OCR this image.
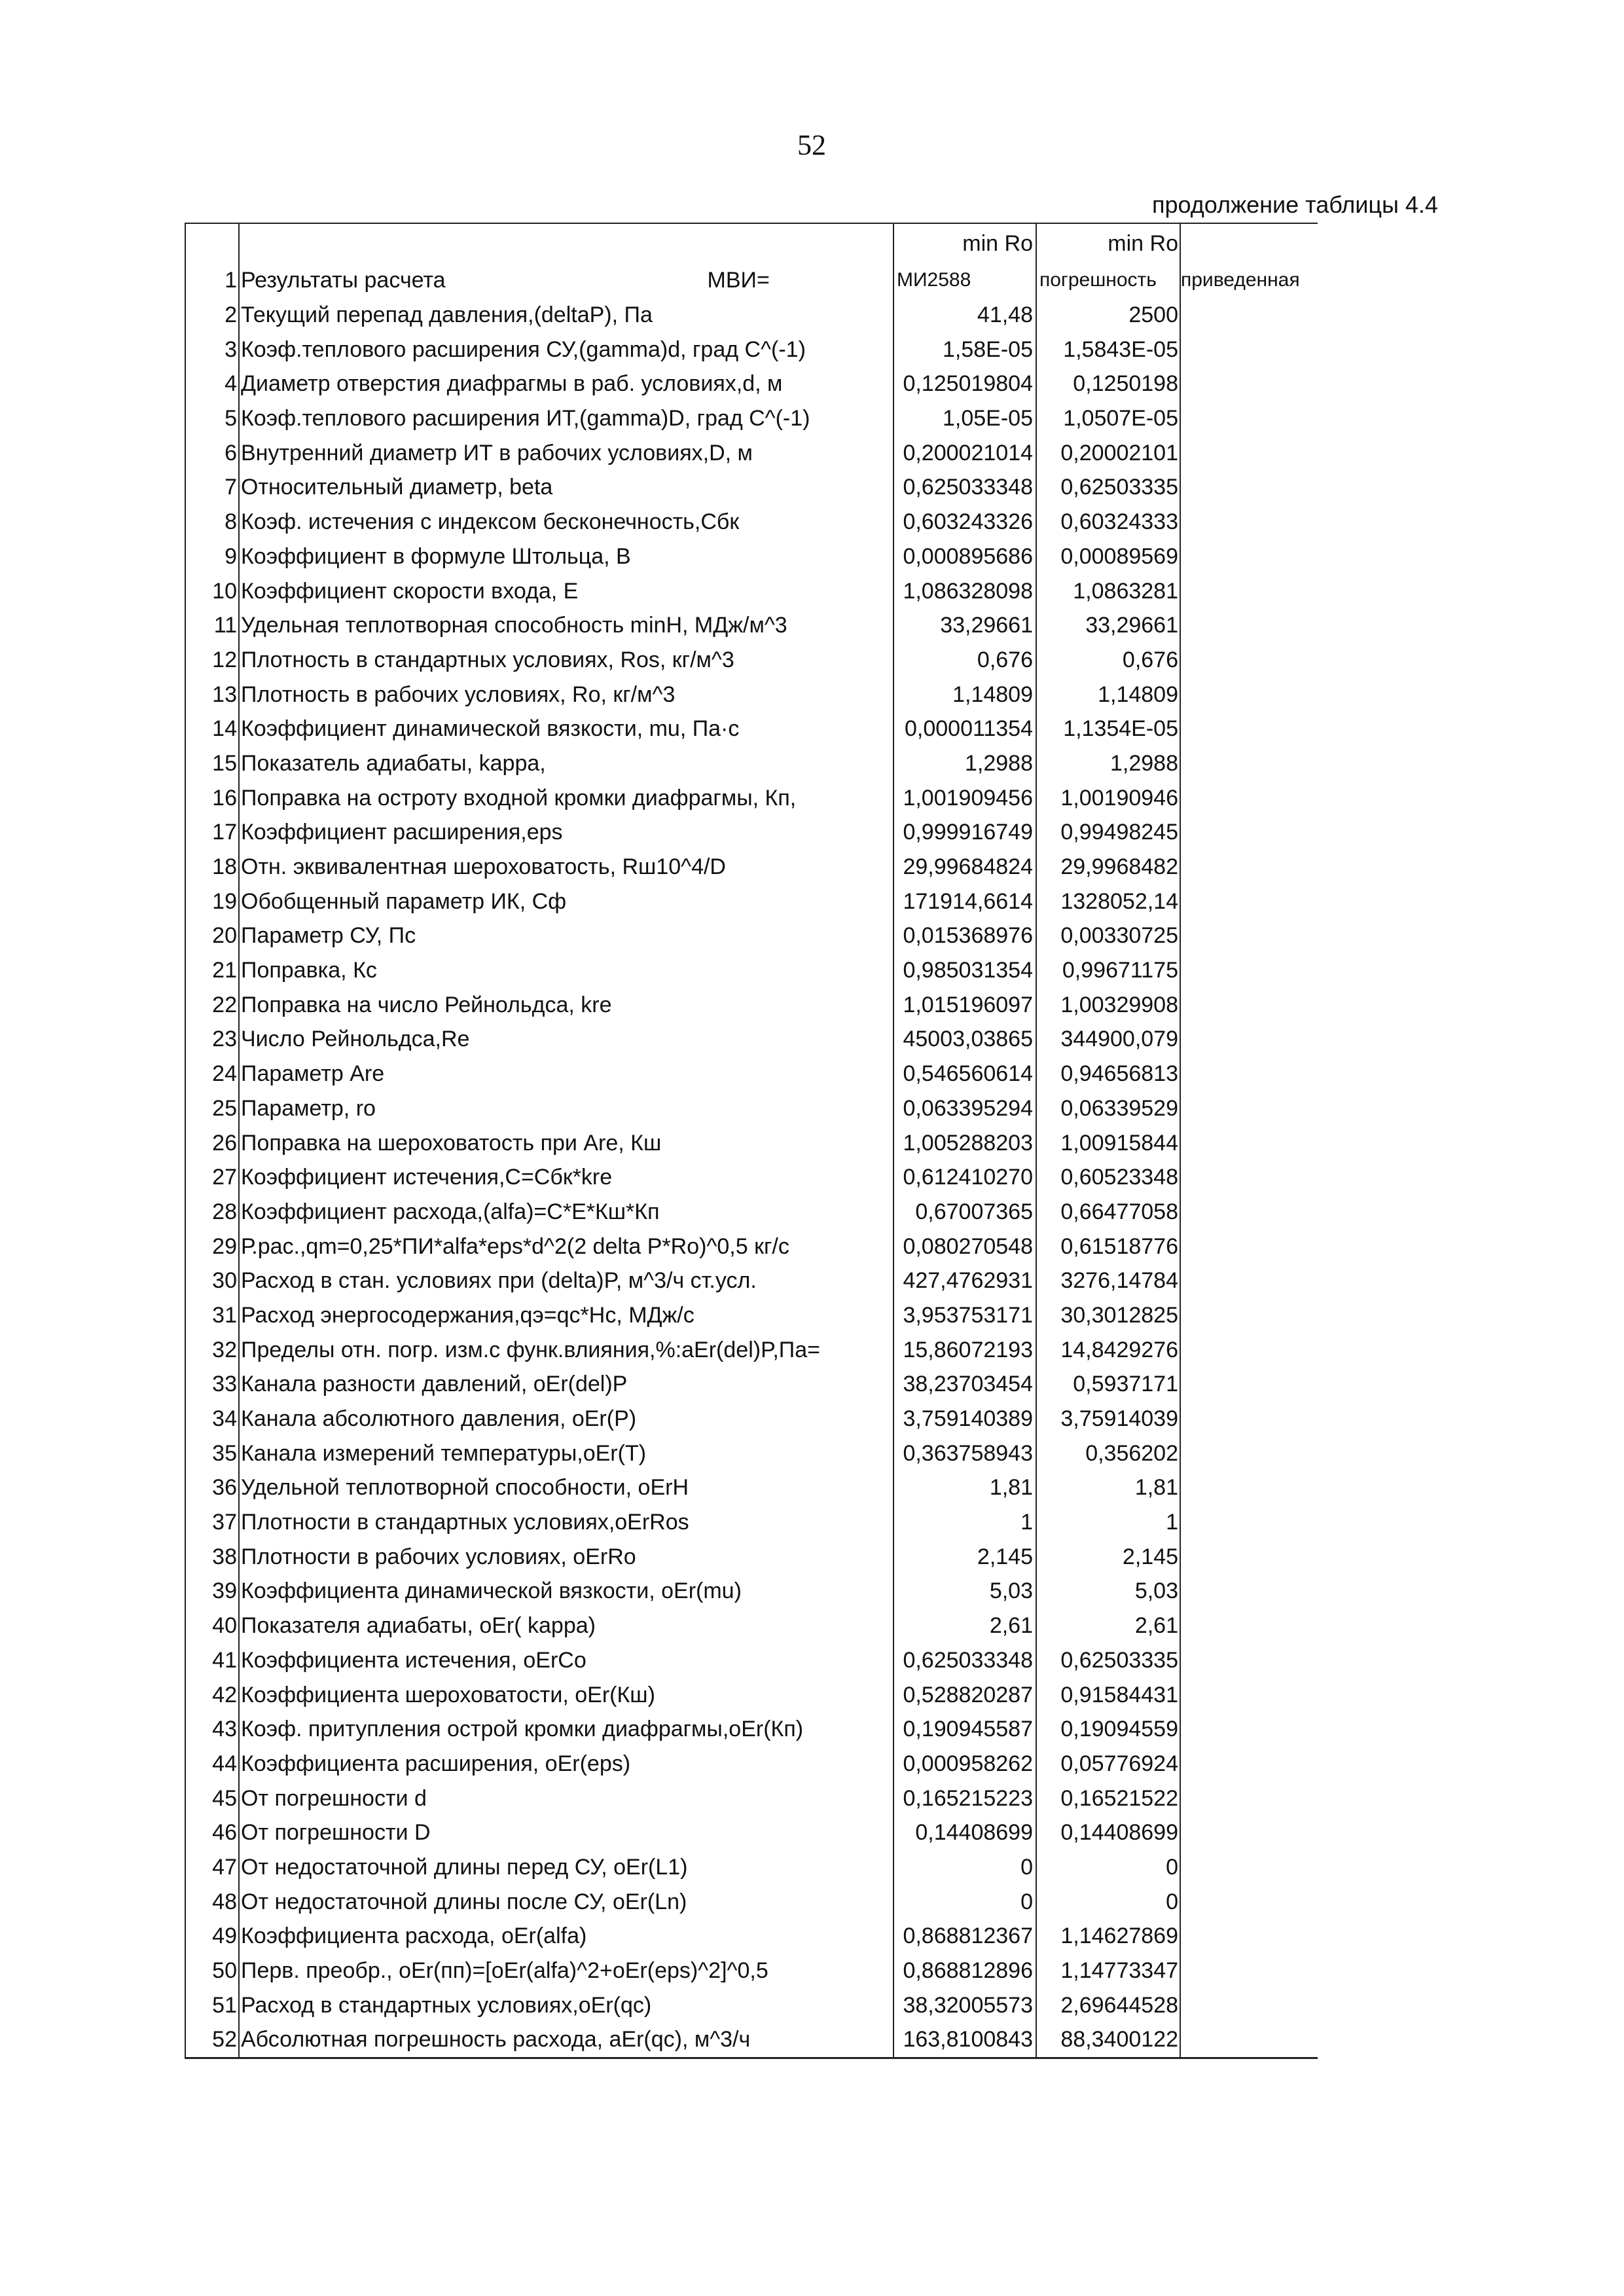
52
продолжение таблицы 4.4
		min Ro	min Ro	
1	Результаты расчета МВИ=	МИ2588	погрешность	приведенная
2	Текущий перепад давления,(deltaP), Па	41,48	2500	
3	Коэф.теплового расширения СУ,(gamma)d, град С^(-1)	1,58E-05	1,5843E-05	
4	Диаметр отверстия диафрагмы в раб. условиях,d, м	0,125019804	0,1250198	
5	Коэф.теплового расширения ИТ,(gamma)D, град С^(-1)	1,05E-05	1,0507E-05	
6	Внутренний диаметр ИТ в рабочих условиях,D, м	0,200021014	0,20002101	
7	Относительный диаметр, beta	0,625033348	0,62503335	
8	Коэф. истечения с индексом бесконечность,Сбк	0,603243326	0,60324333	
9	Коэффициент в формуле Штольца, В	0,000895686	0,00089569	
10	Коэффициент скорости входа, Е	1,086328098	1,0863281	
11	Удельная теплотворная способность minH, МДж/м^3	33,29661	33,29661	
12	Плотность в стандартных условиях, Ros, кг/м^3	0,676	0,676	
13	Плотность в рабочих условиях, Ro, кг/м^3	1,14809	1,14809	
14	Коэффициент динамической вязкости, mu, Па·с	0,000011354	1,1354E-05	
15	Показатель адиабаты, kappa,	1,2988	1,2988	
16	Поправка на остроту входной кромки диафрагмы, Кп,	1,001909456	1,00190946	
17	Коэффициент расширения,eps	0,999916749	0,99498245	
18	Отн. эквивалентная шероховатость, Rш10^4/D	29,99684824	29,9968482	
19	Обобщенный параметр ИК, Сф	171914,6614	1328052,14	
20	Параметр СУ, Пс	0,015368976	0,00330725	
21	Поправка, Кс	0,985031354	0,99671175	
22	Поправка на число Рейнольдса, kre	1,015196097	1,00329908	
23	Число Рейнольдса,Re	45003,03865	344900,079	
24	Параметр Are	0,546560614	0,94656813	
25	Параметр, ro	0,063395294	0,06339529	
26	Поправка на шероховатость при Are, Кш	1,005288203	1,00915844	
27	Коэффициент истечения,С=Сбк*kre	0,612410270	0,60523348	
28	Коэффициент расхода,(alfa)=C*E*Кш*Кп	0,67007365	0,66477058	
29	Р.рас.,qm=0,25*ПИ*alfa*eps*d^2(2 delta P*Ro)^0,5 кг/с	0,080270548	0,61518776	
30	Расход в стан. условиях при (delta)P, м^3/ч ст.усл.	427,4762931	3276,14784	
31	Расход энергосодержания,qэ=qc*Hc, МДж/с	3,953753171	30,3012825	
32	Пределы отн. погр. изм.с функ.влияния,%:aEr(del)P,Па=	15,86072193	14,8429276	
33	Канала разности давлений, oEr(del)P	38,23703454	0,5937171	
34	Канала абсолютного давления, oEr(P)	3,759140389	3,75914039	
35	Канала измерений температуры,oEr(T)	0,363758943	0,356202	
36	Удельной теплотворной способности, oErH	1,81	1,81	
37	Плотности в стандартных условиях,oErRos	1	1	
38	Плотности в рабочих условиях, oErRo	2,145	2,145	
39	Коэффициента динамической вязкости, oEr(mu)	5,03	5,03	
40	Показателя адиабаты, oEr( kappa)	2,61	2,61	
41	Коэффициента истечения, oErCo	0,625033348	0,62503335	
42	Коэффициента шероховатости, oEr(Кш)	0,528820287	0,91584431	
43	Коэф. притупления острой кромки диафрагмы,oEr(Кп)	0,190945587	0,19094559	
44	Коэффициента расширения, oEr(eps)	0,000958262	0,05776924	
45	От погрешности d	0,165215223	0,16521522	
46	От погрешности D	0,14408699	0,14408699	
47	От недостаточной длины перед СУ, oEr(L1)	0	0	
48	От недостаточной длины после СУ, oEr(Ln)	0	0	
49	Коэффициента расхода, oEr(alfa)	0,868812367	1,14627869	
50	Перв. преобр., oEr(пп)=[oEr(alfa)^2+oEr(eps)^2]^0,5	0,868812896	1,14773347	
51	Расход в стандартных условиях,oEr(qc)	38,32005573	2,69644528	
52	Абсолютная погрешность расхода, aEr(qc), м^3/ч	163,8100843	88,3400122	
